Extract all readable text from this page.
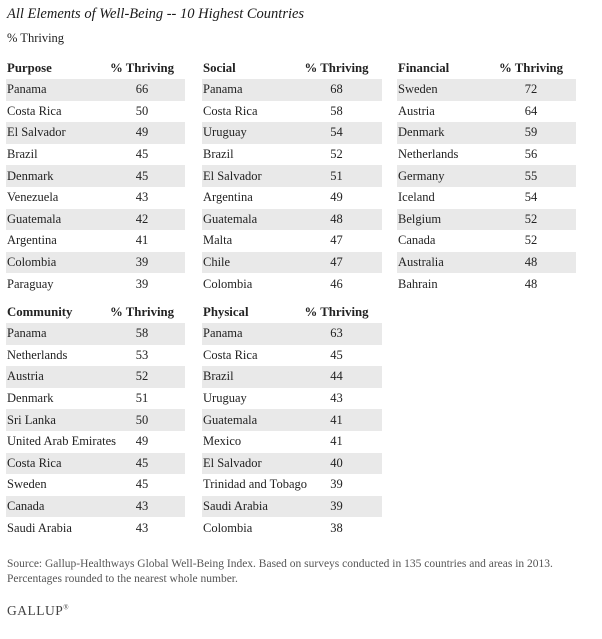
All Elements of Well-Being -- 10 Highest Countries
% Thriving
Purpose	% Thriving
Panama	66
Costa Rica	50
El Salvador	49
Brazil	45
Denmark	45
Venezuela	43
Guatemala	42
Argentina	41
Colombia	39
Paraguay	39
Social	% Thriving
Panama	68
Costa Rica	58
Uruguay	54
Brazil	52
El Salvador	51
Argentina	49
Guatemala	48
Malta	47
Chile	47
Colombia	46
Financial	% Thriving
Sweden	72
Austria	64
Denmark	59
Netherlands	56
Germany	55
Iceland	54
Belgium	52
Canada	52
Australia	48
Bahrain	48
Community	% Thriving
Panama	58
Netherlands	53
Austria	52
Denmark	51
Sri Lanka	50
United Arab Emirates	49
Costa Rica	45
Sweden	45
Canada	43
Saudi Arabia	43
Physical	% Thriving
Panama	63
Costa Rica	45
Brazil	44
Uruguay	43
Guatemala	41
Mexico	41
El Salvador	40
Trinidad and Tobago	39
Saudi Arabia	39
Colombia	38
Source: Gallup-Healthways Global Well-Being Index. Based on surveys conducted in 135 countries and areas in 2013. Percentages rounded to the nearest whole number.
GALLUP®
